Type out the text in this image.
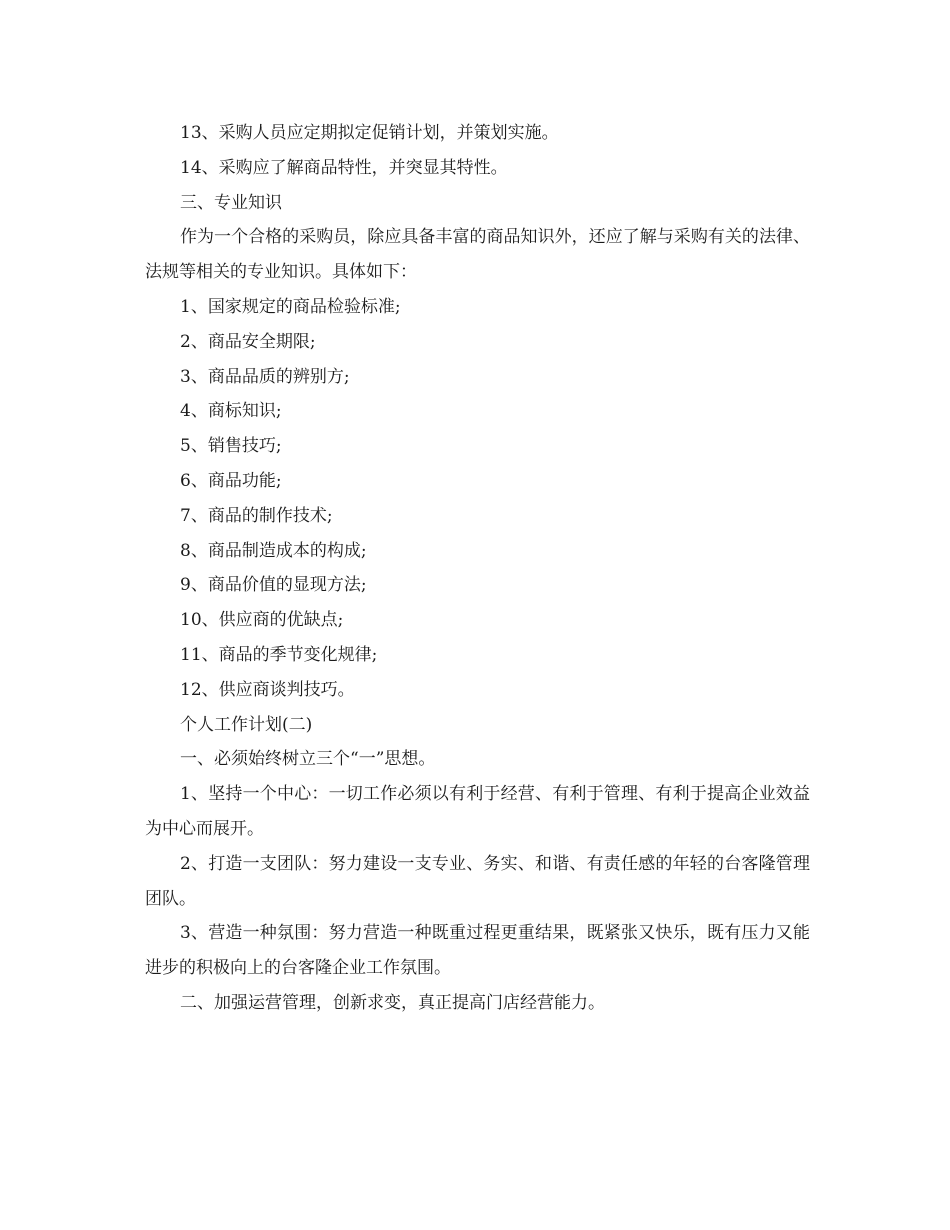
13、采购人员应定期拟定促销计划，并策划实施。

14、采购应了解商品特性，并突显其特性。

三、专业知识

作为一个合格的采购员，除应具备丰富的商品知识外，还应了解与采购有关的法律、法规等相关的专业知识。具体如下：

1、国家规定的商品检验标准;

2、商品安全期限;

3、商品品质的辨别方;

4、商标知识;

5、销售技巧;

6、商品功能;

7、商品的制作技术;

8、商品制造成本的构成;

9、商品价值的显现方法;

10、供应商的优缺点;

11、商品的季节变化规律;

12、供应商谈判技巧。

个人工作计划(二)

一、必须始终树立三个“一”思想。

1、坚持一个中心：一切工作必须以有利于经营、有利于管理、有利于提高企业效益为中心而展开。

2、打造一支团队：努力建设一支专业、务实、和谐、有责任感的年轻的台客隆管理团队。

3、营造一种氛围：努力营造一种既重过程更重结果，既紧张又快乐，既有压力又能进步的积极向上的台客隆企业工作氛围。

二、加强运营管理，创新求变，真正提高门店经营能力。
